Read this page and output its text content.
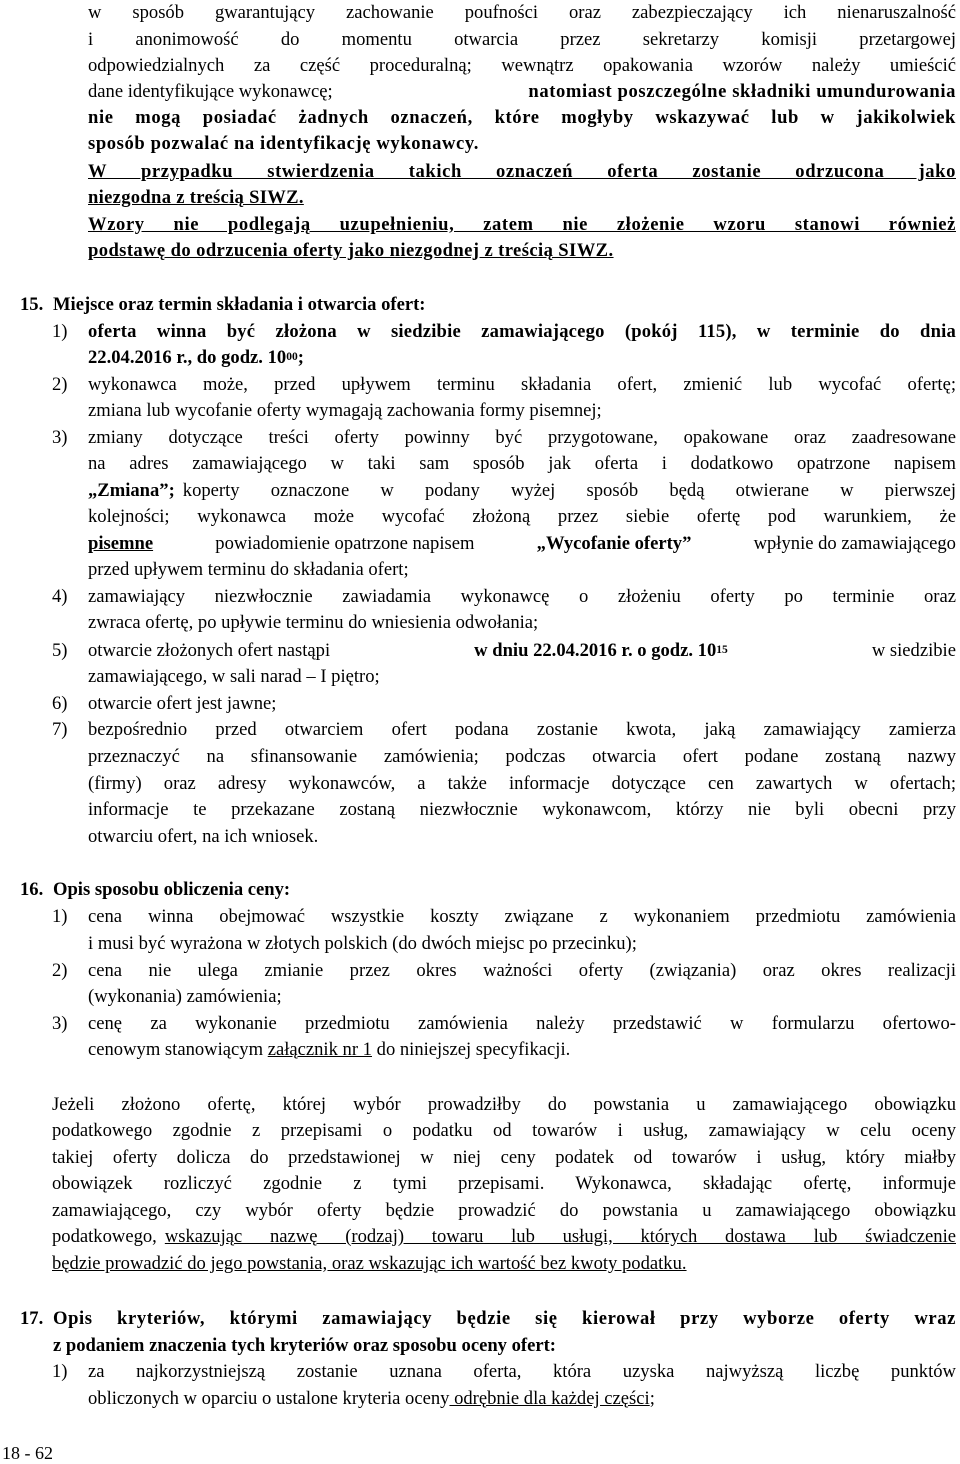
w sposób gwarantujący zachowanie poufności oraz zabezpieczający ich nienaruszalność
i anonimowość do momentu otwarcia przez sekretarzy komisji przetargowej
odpowiedzialnych za część proceduralną; wewnątrz opakowania wzorów należy umieścić
dane identyfikujące wykonawcę;	natomiast poszczególne składniki umundurowania
nie mogą posiadać żadnych oznaczeń, które mogłyby wskazywać lub w jakikolwiek
sposób pozwalać na identyfikację wykonawcy.
W przypadku stwierdzenia takich oznaczeń oferta zostanie odrzucona jako
niezgodna z treścią SIWZ.
Wzory nie podlegają uzupełnieniu, zatem nie złożenie wzoru stanowi również
podstawę do odrzucenia oferty jako niezgodnej z treścią SIWZ.
15. Miejsce oraz termin składania i otwarcia ofert:
1) oferta winna być złożona w siedzibie zamawiającego (pokój 115), w terminie do dnia
22.04.2016 r., do godz. $10^{00}$;
2) wykonawca może, przed upływem terminu składania ofert, zmienić lub wycofać ofertę;
zmiana lub wycofanie oferty wymagają zachowania formy pisemnej;
3) zmiany dotyczące treści oferty powinny być przygotowane, opakowane oraz zaadresowane
na adres zamawiającego w taki sam sposób jak oferta i dodatkowo opatrzone napisem
„Zmiana”; koperty oznaczone w podany wyżej sposób będą otwierane w pierwszej
kolejności; wykonawca może wycofać złożoną przez siebie ofertę pod warunkiem, że
pisemne	powiadomienie opatrzone napisem	„Wycofanie oferty”	wpłynie do zamawiającego
przed upływem terminu do składania ofert;
4) zamawiający niezwłocznie zawiadamia wykonawcę o złożeniu oferty po terminie oraz
zwraca ofertę, po upływie terminu do wniesienia odwołania;
5) otwarcie złożonych ofert nastąpi	w dniu 22.04.2016 r. o godz. $10^{15}$	w siedzibie
zamawiającego, w sali narad – I piętro;
6) otwarcie ofert jest jawne;
7) bezpośrednio przed otwarciem ofert podana zostanie kwota, jaką zamawiający zamierza
przeznaczyć na sfinansowanie zamówienia; podczas otwarcia ofert podane zostaną nazwy
(firmy) oraz adresy wykonawców, a także informacje dotyczące cen zawartych w ofertach;
informacje te przekazane zostaną niezwłocznie wykonawcom, którzy nie byli obecni przy
otwarciu ofert, na ich wniosek.
16. Opis sposobu obliczenia ceny:
1) cena winna obejmować wszystkie koszty związane z wykonaniem przedmiotu zamówienia
i musi być wyrażona w złotych polskich (do dwóch miejsc po przecinku);
2) cena nie ulega zmianie przez okres ważności oferty (związania) oraz okres realizacji
(wykonania) zamówienia;
3) cenę za wykonanie przedmiotu zamówienia należy przedstawić w formularzu ofertowo-
cenowym stanowiącym załącznik nr 1 do niniejszej specyfikacji.
Jeżeli złożono ofertę, której wybór prowadziłby do powstania u zamawiającego obowiązku
podatkowego zgodnie z przepisami o podatku od towarów i usług, zamawiający w celu oceny
takiej oferty dolicza do przedstawionej w niej ceny podatek od towarów i usług, który miałby
obowiązek rozliczyć zgodnie z tymi przepisami. Wykonawca, składając ofertę, informuje
zamawiającego, czy wybór oferty będzie prowadzić do powstania u zamawiającego obowiązku
podatkowego, wskazując nazwę (rodzaj) towaru lub usługi, których dostawa lub świadczenie
będzie prowadzić do jego powstania, oraz wskazując ich wartość bez kwoty podatku.
17. Opis kryteriów, którymi zamawiający będzie się kierował przy wyborze oferty wraz
z podaniem znaczenia tych kryteriów oraz sposobu oceny ofert:
1) za najkorzystniejszą zostanie uznana oferta, która uzyska najwyższą liczbę punktów
obliczonych w oparciu o ustalone kryteria oceny odrębnie dla każdej części;
18 - 62
